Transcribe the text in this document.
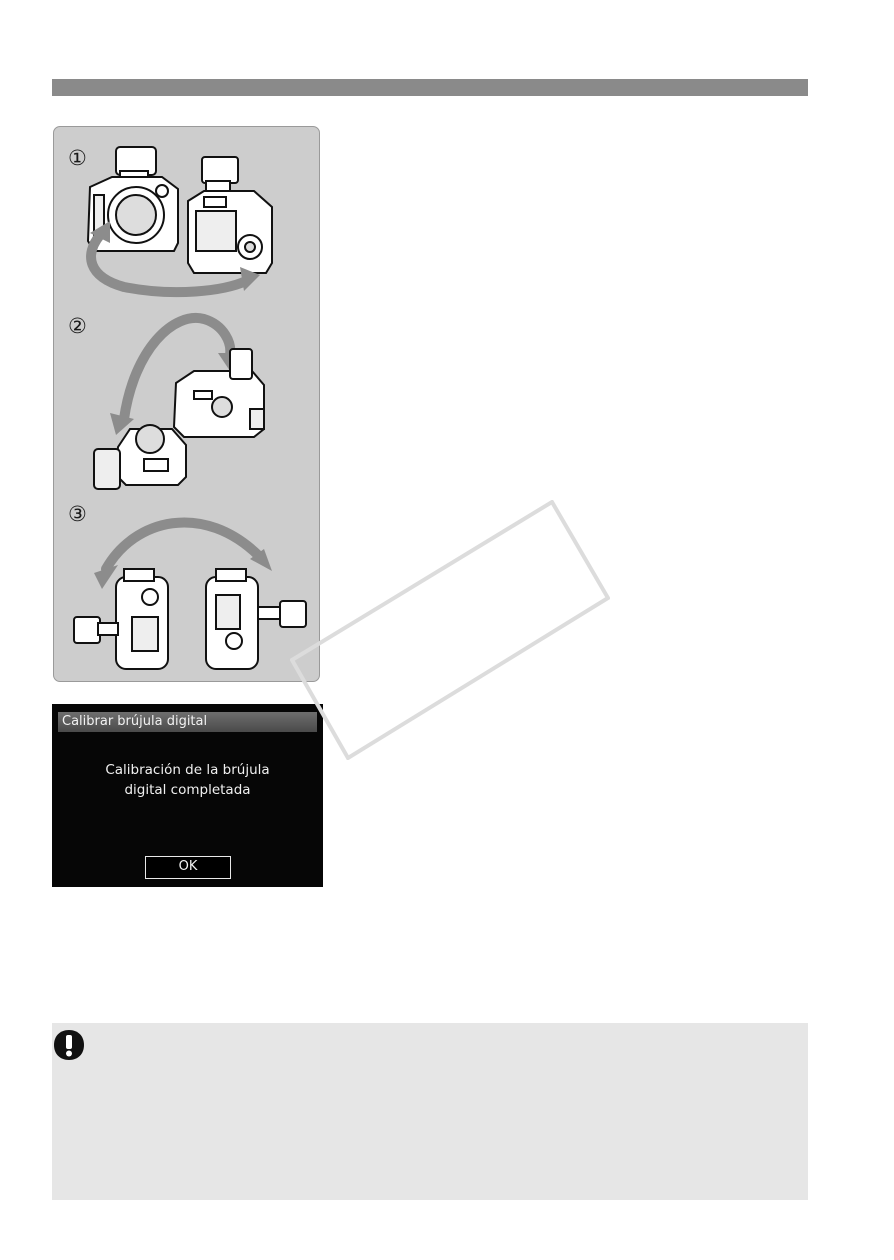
①
②
③
Calibrar brújula digital
Calibración de la brújula
digital completada
OK
